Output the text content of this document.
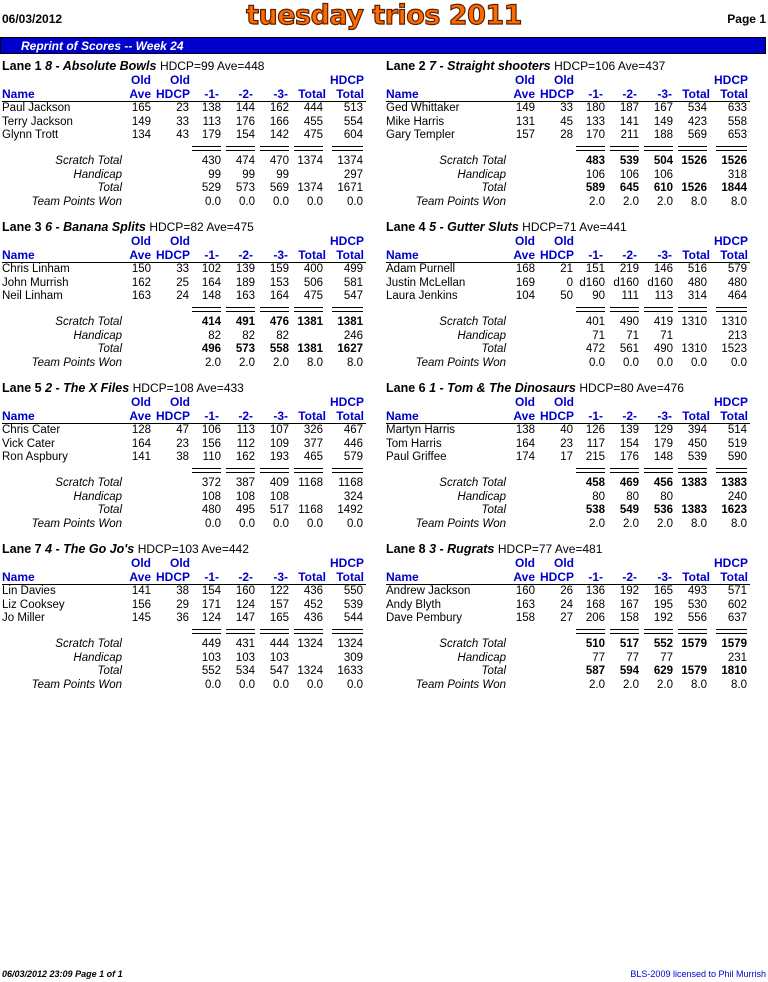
06/03/2012	tuesday trios 2011	Page 1
Reprint of Scores -- Week 24
Lane 1 8 - Absolute Bowls HDCP=99 Ave=448
Old Old	HDCP
Name	Ave HDCP -1- -2- -3- Total Total
Paul Jackson	165 23 138 144 162 444 513
Terry Jackson	149 33 113 176 166 455 554
Glynn Trott	134 43 179 154 142 475 604
Scratch Total	430 474 470 1374 1374
Handicap	99 99 99	297
Total	529 573 569 1374 1671
Team Points Won	0.0 0.0 0.0 0.0 0.0
Lane 2 7 - Straight shooters HDCP=106 Ave=437
Old Old	HDCP
Name	Ave HDCP -1- -2- -3- Total Total
Ged Whittaker	149 33 180 187 167 534 633
Mike Harris	131 45 133 141 149 423 558
Gary Templer	157 28 170 211 188 569 653
Scratch Total	483 539 504 1526 1526
Handicap	106 106 106	318
Total	589 645 610 1526 1844
Team Points Won	2.0 2.0 2.0 8.0 8.0
Lane 3 6 - Banana Splits HDCP=82 Ave=475
Old Old	HDCP
Name	Ave HDCP -1- -2- -3- Total Total
Chris Linham	150 33 102 139 159 400 499
John Murrish	162 25 164 189 153 506 581
Neil Linham	163 24 148 163 164 475 547
Scratch Total	414 491 476 1381 1381
Handicap	82 82 82	246
Total	496 573 558 1381 1627
Team Points Won	2.0 2.0 2.0 8.0 8.0
Lane 4 5 - Gutter Sluts HDCP=71 Ave=441
Old Old	HDCP
Name	Ave HDCP -1- -2- -3- Total Total
Adam Purnell	168 21 151 219 146 516 579
Justin McLellan	169	0 d160 d160 d160 480 480
Laura Jenkins	104 50 90 111 113 314 464
Scratch Total	401 490 419 1310 1310
Handicap	71 71 71	213
Total	472 561 490 1310 1523
Team Points Won	0.0 0.0 0.0 0.0 0.0
Lane 5 2 - The X Files HDCP=108 Ave=433
Old Old	HDCP
Name	Ave HDCP -1- -2- -3- Total Total
Chris Cater	128 47 106 113 107 326 467
Vick Cater	164 23 156 112 109 377 446
Ron Aspbury	141 38 110 162 193 465 579
Scratch Total	372 387 409 1168 1168
Handicap	108 108 108	324
Total	480 495 517 1168 1492
Team Points Won	0.0 0.0 0.0 0.0 0.0
Lane 6 1 - Tom & The Dinosaurs HDCP=80 Ave=476
Old Old	HDCP
Name	Ave HDCP -1- -2- -3- Total Total
Martyn Harris	138 40 126 139 129 394 514
Tom Harris	164 23 117 154 179 450 519
Paul Griffee	174 17 215 176 148 539 590
Scratch Total	458 469 456 1383 1383
Handicap	80 80 80	240
Total	538 549 536 1383 1623
Team Points Won	2.0 2.0 2.0 8.0 8.0
Lane 7 4 - The Go Jo's HDCP=103 Ave=442
Old Old	HDCP
Name	Ave HDCP -1- -2- -3- Total Total
Lin Davies	141 38 154 160 122 436 550
Liz Cooksey	156 29 171 124 157 452 539
Jo Miller	145 36 124 147 165 436 544
Scratch Total	449 431 444 1324 1324
Handicap	103 103 103	309
Total	552 534 547 1324 1633
Team Points Won	0.0 0.0 0.0 0.0 0.0
Lane 8 3 - Rugrats HDCP=77 Ave=481
Old Old	HDCP
Name	Ave HDCP -1- -2- -3- Total Total
Andrew Jackson	160 26 136 192 165 493 571
Andy Blyth	163 24 168 167 195 530 602
Dave Pembury	158 27 206 158 192 556 637
Scratch Total	510 517 552 1579 1579
Handicap	77 77 77	231
Total	587 594 629 1579 1810
Team Points Won	2.0 2.0 2.0 8.0 8.0
06/03/2012 23:09 Page 1 of 1	BLS-2009 licensed to Phil Murrish
